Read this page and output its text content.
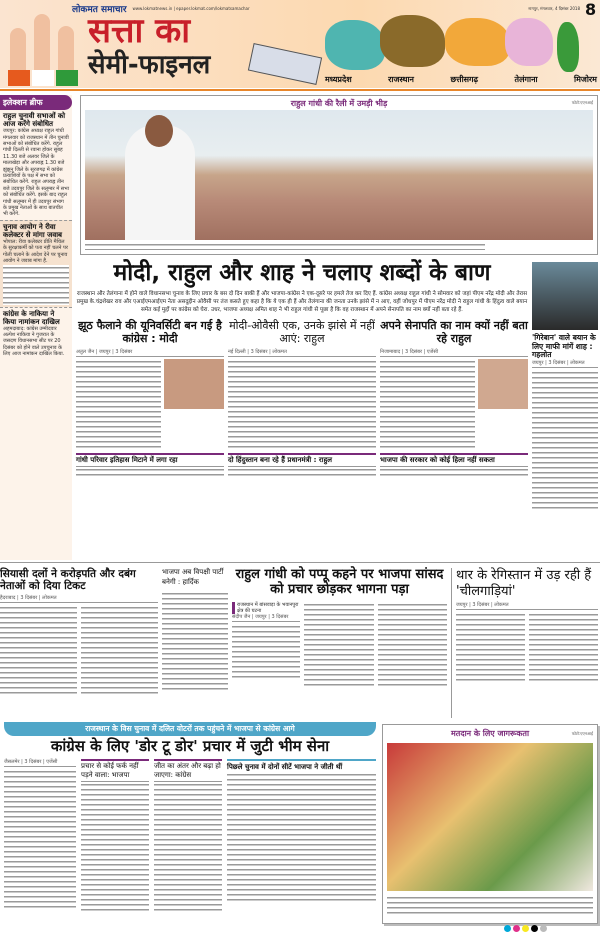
लोकमत समाचार www.lokmatnews.in | epaper.lokmat.com/lokmatsamachar
सत्ता का
सेमी-फाइनल	मध्यप्रदेश	राजस्थान	छत्तीसगढ़	तेलंगाना	मिजोरम
नागपुर, मंगलवार, 4 दिसंबर 2018 8
इलेक्शन ब्रीफ
राहुल चुनावी सभाओं को आज करेंगे संबोधित
जयपुर: कांग्रेस अध्यक्ष राहुल गांधी मंगलवार को राजस्थान में तीन चुनावी सभाओं को संबोधित करेंगे. राहुल गांधी दिल्ली से रवाना होकर सुबह 11.30 बजे अलवर जिले के मालाखेड़ा और अपराह्न 1.30 बजे झुंझुनू जिले के सूरजगढ़ में कांग्रेस प्रत्याशियों के पक्ष में सभा को संबोधित करेंगे. राहुल अपराह्न तीन बजे उदयपुर जिले के सलूम्बर में सभा को संबोधित करेंगे. इसके बाद राहुल गांधी सलूम्बर में ही उदयपुर संभाग के प्रमुख नेताओं के साथ बातचीत भी करेंगे.
चुनाव आयोग ने रीवा कलेक्टर से मांगा जवाब
भोपाल: रीवा कलेक्टर प्रीति मैथिल के सुरक्षाकर्मी को पता नहीं चलने पर गोली चलाने के आदेश देने पर चुनाव आयोग ने जवाब मांगा है.
कांग्रेस के नाकिया ने किया नामांकन दाखिल
अहमदाबाद: कांग्रेस उम्मीदवार अल्पेश नाकिया ने गुजरात के जसदण विधानसभा सीट पर 20 दिसंबर को होने वाले उपचुनाव के लिए आज नामांकन दाखिल किया.
राहुल गांधी की रैली में उमड़ी भीड़	फोटो:एएनआई
मोदी, राहुल और शाह ने चलाए शब्दों के बाण
राजस्थान और तेलंगाना में होने वाले विधानसभा चुनाव के लिए प्रचार के बस दो दिन बाकी हैं और भाजपा-कांग्रेस ने एक-दूसरे पर हमले तेज कर दिए हैं. कांग्रेस अध्यक्ष राहुल गांधी ने सोमवार को जहां पीएम नरेंद्र मोदी और तेरास प्रमुख के.चंद्रशेखर राव और एआईएमआईएम नेता असदुद्दीन ओवैसी पर तंज कसते हुए कहा है कि ये एक ही हैं और तेलंगाना की जनता उनके झांसे में न आए, वहीं जोधपुर में पीएम नरेंद्र मोदी ने राहुल गांधी के हिंदुत्व वाले बयान समेत कई मुद्दों पर कांग्रेस को घेरा. उधर, भाजपा अध्यक्ष अमित शाह ने भी राहुल गांधी से पूछा है कि वह राजस्थान में अपने सेनापति का नाम क्यों नहीं बता रहे हैं.
झूठ फैलाने की यूनिवर्सिटी बन गई है कांग्रेस : मोदी
अतुल जैन | जयपुर | 3 दिसंबर
गांधी परिवार इतिहास मिटाने में लगा रहा
मोदी-ओवैसी एक, उनके झांसे में नहीं आएं: राहुल
नई दिल्ली | 3 दिसंबर | लोकमत
दो हिंदुस्तान बना रहे हैं प्रधानमंत्री : राहुल
अपने सेनापति का नाम क्यों नहीं बता रहे राहुल
निजामाबाद | 3 दिसंबर | एजेंसी
भाजपा की सरकार को कोई हिला नहीं सकता
'गिरेबान' वाले बयान के लिए माफी मांगें शाह : गहलोत
जयपुर | 3 दिसंबर | लोकमत
सियासी दलों ने करोड़पति और दबंग नेताओं को दिया टिकट
हैदराबाद | 3 दिसंबर | लोकमत
भाजपा अब विपक्षी पार्टी बनेगी : हार्दिक	राहुल गांधी को पप्पू कहने पर भाजपा सांसद को प्रचार छोड़कर भागना पड़ा
राजस्थान में बांसवाड़ा के भवानपुरा क्षेत्र की घटना
संदीप जैन | जयपुर | 3 दिसंबर
थार के रेगिस्तान में उड़ रही हैं 'चीलगाड़ियां'
जयपुर | 3 दिसंबर | लोकमत
राजस्थान के विस चुनाव में दलित वोटरों तक पहुंचने में भाजपा से कांग्रेस आगे
कांग्रेस के लिए 'डोर टू डोर' प्रचार में जुटी भीम सेना
जैसलमेर | 3 दिसंबर | एजेंसी	प्रचार से कोई फर्क नहीं पड़ने वाला: भाजपा
जीत का अंतर और बढ़ा हो जाएगा: कांग्रेस
पिछले चुनाव में दोनों सीटें भाजपा ने जीती थीं
मतदान के लिए जागरूकता	फोटो:एएनआई
